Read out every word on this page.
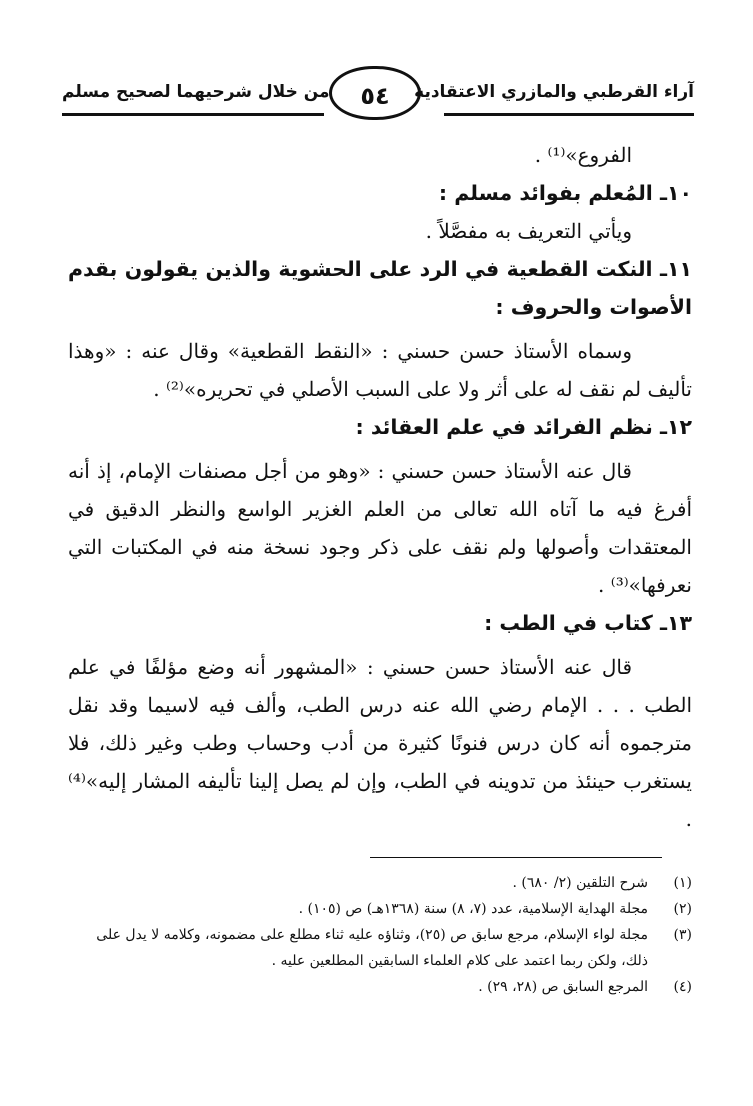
آراء القرطبي والمازري الاعتقادية
٥٤
من خلال شرحيهما لصحيح مسلم

الفروع»⁽¹⁾ .

١٠ـ المُعلم بفوائد مسلم :

ويأتي التعريف به مفصَّلاً .

١١ـ النكت القطعية في الرد على الحشوية والذين يقولون بقدم الأصوات والحروف :

وسماه الأستاذ حسن حسني : «النقط القطعية» وقال عنه : «وهذا تأليف لم نقف له على أثر ولا على السبب الأصلي في تحريره»⁽²⁾ .

١٢ـ نظم الفرائد في علم العقائد :

قال عنه الأستاذ حسن حسني : «وهو من أجل مصنفات الإمام، إذ أنه أفرغ فيه ما آتاه الله تعالى من العلم الغزير الواسع والنظر الدقيق في المعتقدات وأصولها ولم نقف على ذكر وجود نسخة منه في المكتبات التي نعرفها»⁽³⁾ .

١٣ـ كتاب في الطب :

قال عنه الأستاذ حسن حسني : «المشهور أنه وضع مؤلفًا في علم الطب . . . الإمام رضي الله عنه درس الطب، وألف فيه لاسيما وقد نقل مترجموه أنه كان درس فنونًا كثيرة من أدب وحساب وطب وغير ذلك، فلا يستغرب حينئذ من تدوينه في الطب، وإن لم يصل إلينا تأليفه المشار إليه»⁽⁴⁾ .

(١)
شرح التلقين (٢/ ٦٨٠) .
(٢)
مجلة الهداية الإسلامية، عدد (٧، ٨) سنة (١٣٦٨هـ) ص (١٠٥) .
(٣)
مجلة لواء الإسلام، مرجع سابق ص (٢٥)، وثناؤه عليه ثناء مطلع على مضمونه، وكلامه لا يدل على ذلك، ولكن ربما اعتمد على كلام العلماء السابقين المطلعين عليه .
(٤)
المرجع السابق ص (٢٨، ٢٩) .
